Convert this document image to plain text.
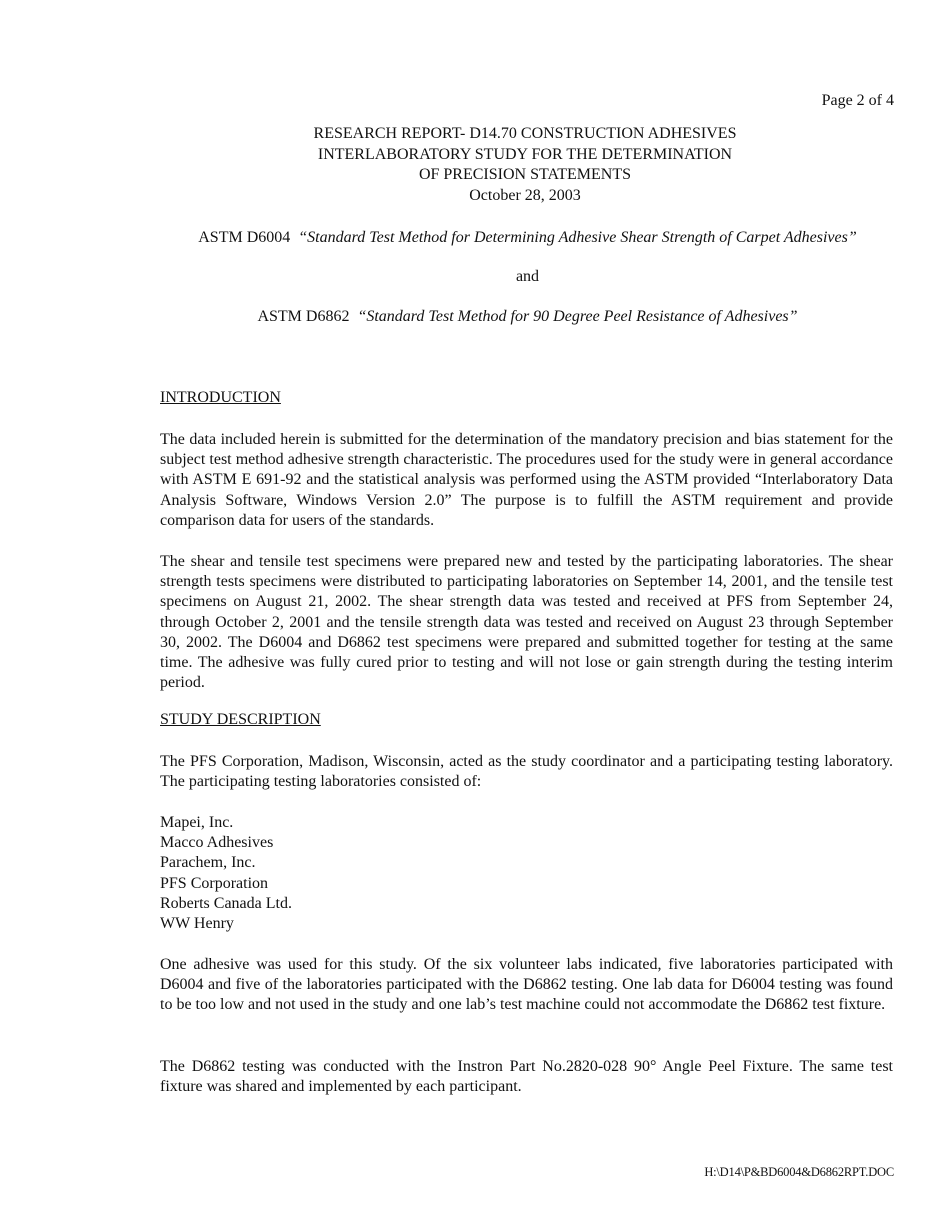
Page 2 of 4
RESEARCH REPORT- D14.70 CONSTRUCTION ADHESIVES
INTERLABORATORY STUDY FOR THE DETERMINATION
OF PRECISION STATEMENTS
October 28, 2003
ASTM D6004 “Standard Test Method for Determining Adhesive Shear Strength of Carpet Adhesives”
and
ASTM D6862 “Standard Test Method for 90 Degree Peel Resistance of Adhesives”
INTRODUCTION
The data included herein is submitted for the determination of the mandatory precision and bias statement for the subject test method adhesive strength characteristic. The procedures used for the study were in general accordance with ASTM E 691-92 and the statistical analysis was performed using the ASTM provided “Interlaboratory Data Analysis Software, Windows Version 2.0” The purpose is to fulfill the ASTM requirement and provide comparison data for users of the standards.
The shear and tensile test specimens were prepared new and tested by the participating laboratories. The shear strength tests specimens were distributed to participating laboratories on September 14, 2001, and the tensile test specimens on August 21, 2002. The shear strength data was tested and received at PFS from September 24, through October 2, 2001 and the tensile strength data was tested and received on August 23 through September 30, 2002. The D6004 and D6862 test specimens were prepared and submitted together for testing at the same time. The adhesive was fully cured prior to testing and will not lose or gain strength during the testing interim period.
STUDY DESCRIPTION
The PFS Corporation, Madison, Wisconsin, acted as the study coordinator and a participating testing laboratory. The participating testing laboratories consisted of:
Mapei, Inc.
Macco Adhesives
Parachem, Inc.
PFS Corporation
Roberts Canada Ltd.
WW Henry
One adhesive was used for this study. Of the six volunteer labs indicated, five laboratories participated with D6004 and five of the laboratories participated with the D6862 testing. One lab data for D6004 testing was found to be too low and not used in the study and one lab’s test machine could not accommodate the D6862 test fixture.
The D6862 testing was conducted with the Instron Part No.2820-028 90° Angle Peel Fixture. The same test fixture was shared and implemented by each participant.
H:\D14\P&BD6004&D6862RPT.DOC
